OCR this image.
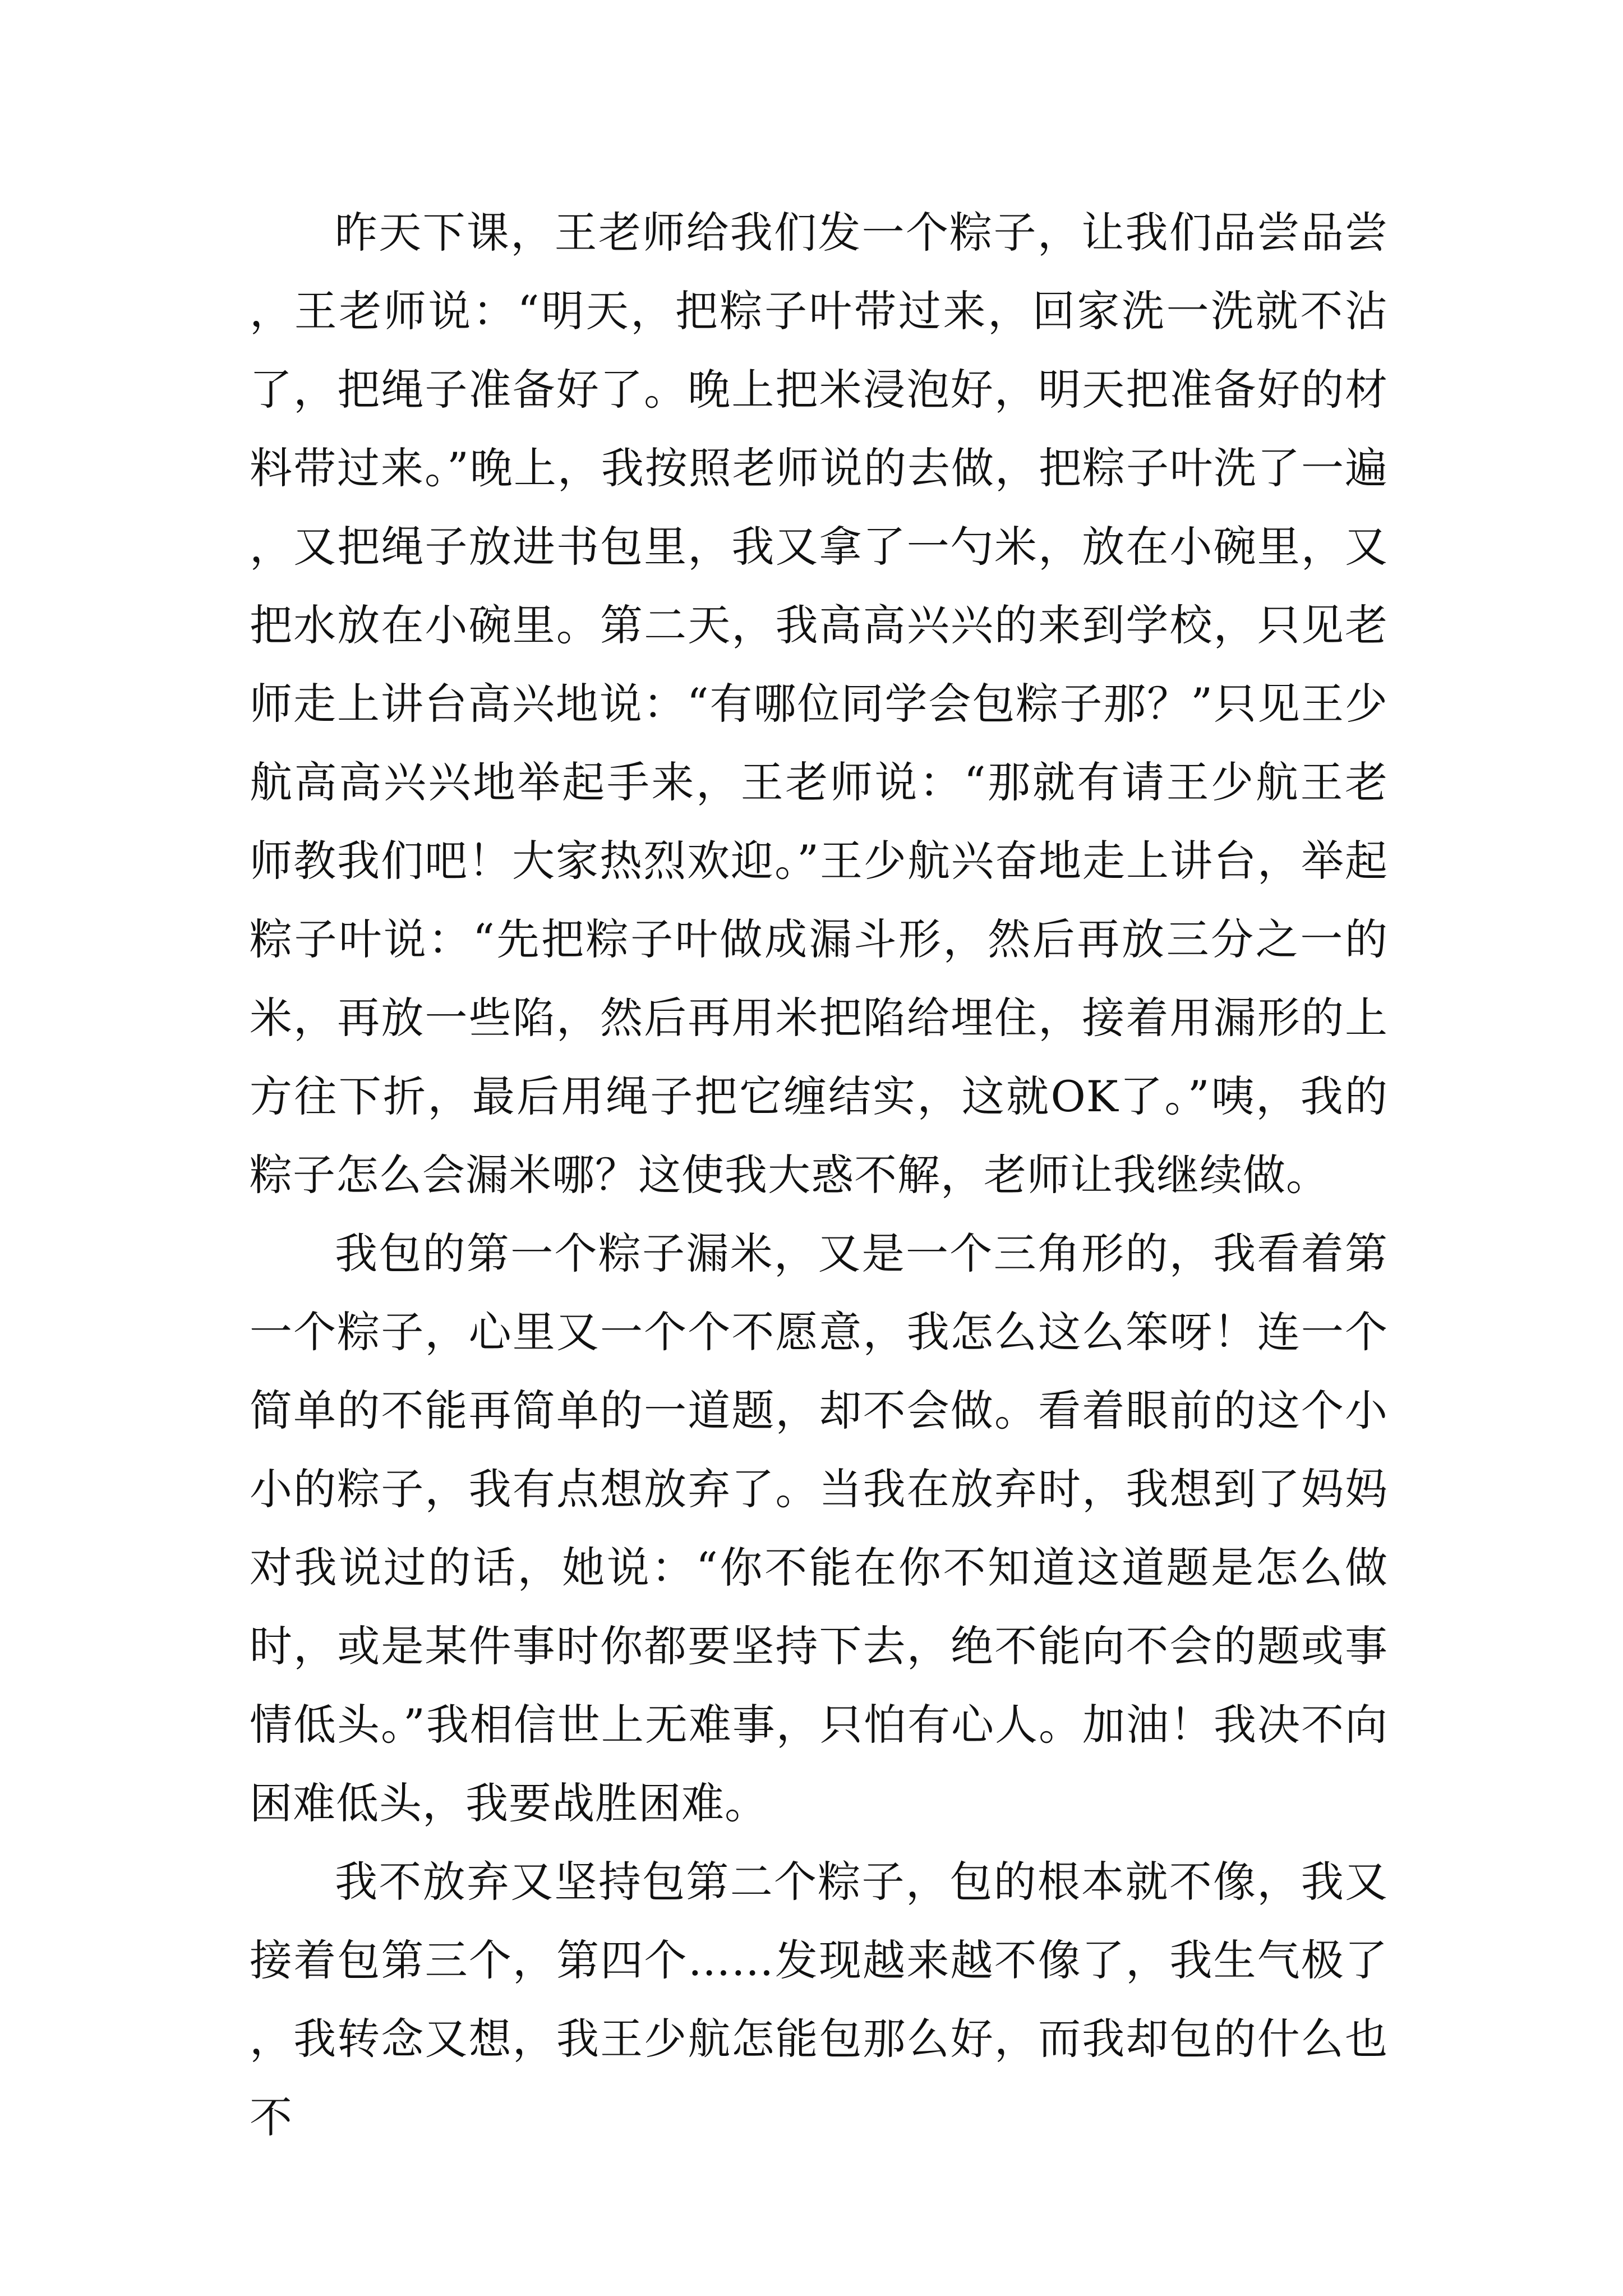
昨天下课，王老师给我们发一个粽子，让我们品尝品尝，王老师说：“明天，把粽子叶带过来，回家洗一洗就不沾了，把绳子准备好了。晚上把米浸泡好，明天把准备好的材料带过来。”晚上，我按照老师说的去做，把粽子叶洗了一遍，又把绳子放进书包里，我又拿了一勺米，放在小碗里，又把水放在小碗里。第二天，我高高兴兴的来到学校，只见老师走上讲台高兴地说：“有哪位同学会包粽子那？”只见王少航高高兴兴地举起手来，王老师说：“那就有请王少航王老师教我们吧！大家热烈欢迎。”王少航兴奋地走上讲台，举起粽子叶说：“先把粽子叶做成漏斗形，然后再放三分之一的米，再放一些陷，然后再用米把陷给埋住，接着用漏形的上方往下折，最后用绳子把它缠结实，这就OK了。”咦，我的粽子怎么会漏米哪？这使我大惑不解，老师让我继续做。

我包的第一个粽子漏米，又是一个三角形的，我看着第一个粽子，心里又一个个不愿意，我怎么这么笨呀！连一个简单的不能再简单的一道题，却不会做。看着眼前的这个小小的粽子，我有点想放弃了。当我在放弃时，我想到了妈妈对我说过的话，她说：“你不能在你不知道这道题是怎么做时，或是某件事时你都要坚持下去，绝不能向不会的题或事情低头。”我相信世上无难事，只怕有心人。加油！我决不向困难低头，我要战胜困难。

我不放弃又坚持包第二个粽子，包的根本就不像，我又接着包第三个，第四个……发现越来越不像了，我生气极了，我转念又想，我王少航怎能包那么好，而我却包的什么也不
